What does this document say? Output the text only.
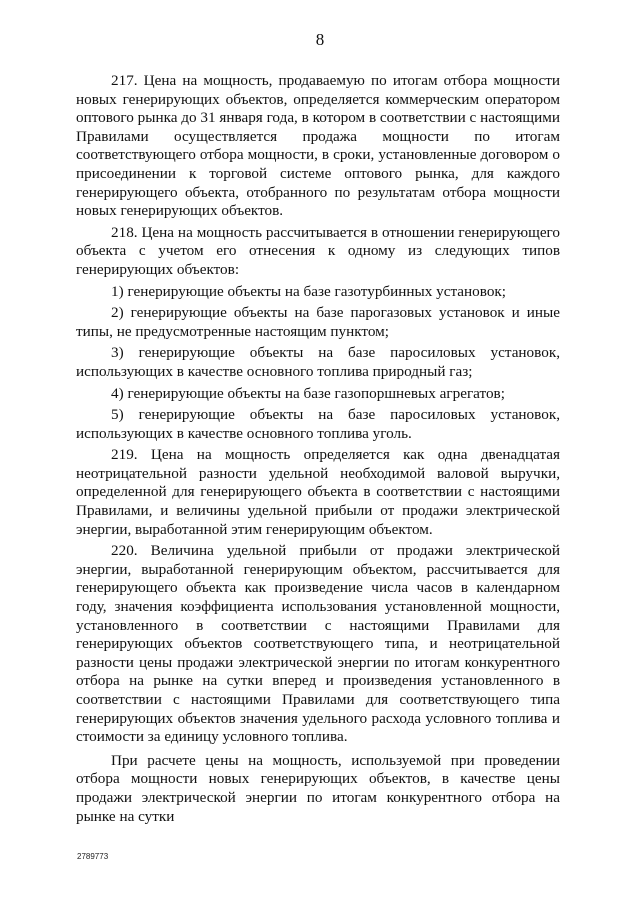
8

217. Цена на мощность, продаваемую по итогам отбора мощности новых генерирующих объектов, определяется коммерческим оператором оптового рынка до 31 января года, в котором в соответствии с настоящими Правилами осуществляется продажа мощности по итогам соответствующего отбора мощности, в сроки, установленные договором о присоединении к торговой системе оптового рынка, для каждого генерирующего объекта, отобранного по результатам отбора мощности новых генерирующих объектов.

218. Цена на мощность рассчитывается в отношении генерирующего объекта с учетом его отнесения к одному из следующих типов генерирующих объектов:

1) генерирующие объекты на базе газотурбинных установок;

2) генерирующие объекты на базе парогазовых установок и иные типы, не предусмотренные настоящим пунктом;

3) генерирующие объекты на базе паросиловых установок, использующих в качестве основного топлива природный газ;

4) генерирующие объекты на базе газопоршневых агрегатов;

5) генерирующие объекты на базе паросиловых установок, использующих в качестве основного топлива уголь.

219. Цена на мощность определяется как одна двенадцатая неотрицательной разности удельной необходимой валовой выручки, определенной для генерирующего объекта в соответствии с настоящими Правилами, и величины удельной прибыли от продажи электрической энергии, выработанной этим генерирующим объектом.

220. Величина удельной прибыли от продажи электрической энергии, выработанной генерирующим объектом, рассчитывается для генерирующего объекта как произведение числа часов в календарном году, значения коэффициента использования установленной мощности, установленного в соответствии с настоящими Правилами для генерирующих объектов соответствующего типа, и неотрицательной разности цены продажи электрической энергии по итогам конкурентного отбора на рынке на сутки вперед и произведения установленного в соответствии с настоящими Правилами для соответствующего типа генерирующих объектов значения удельного расхода условного топлива и стоимости за единицу условного топлива.

При расчете цены на мощность, используемой при проведении отбора мощности новых генерирующих объектов, в качестве цены продажи электрической энергии по итогам конкурентного отбора на рынке на сутки

2789773
